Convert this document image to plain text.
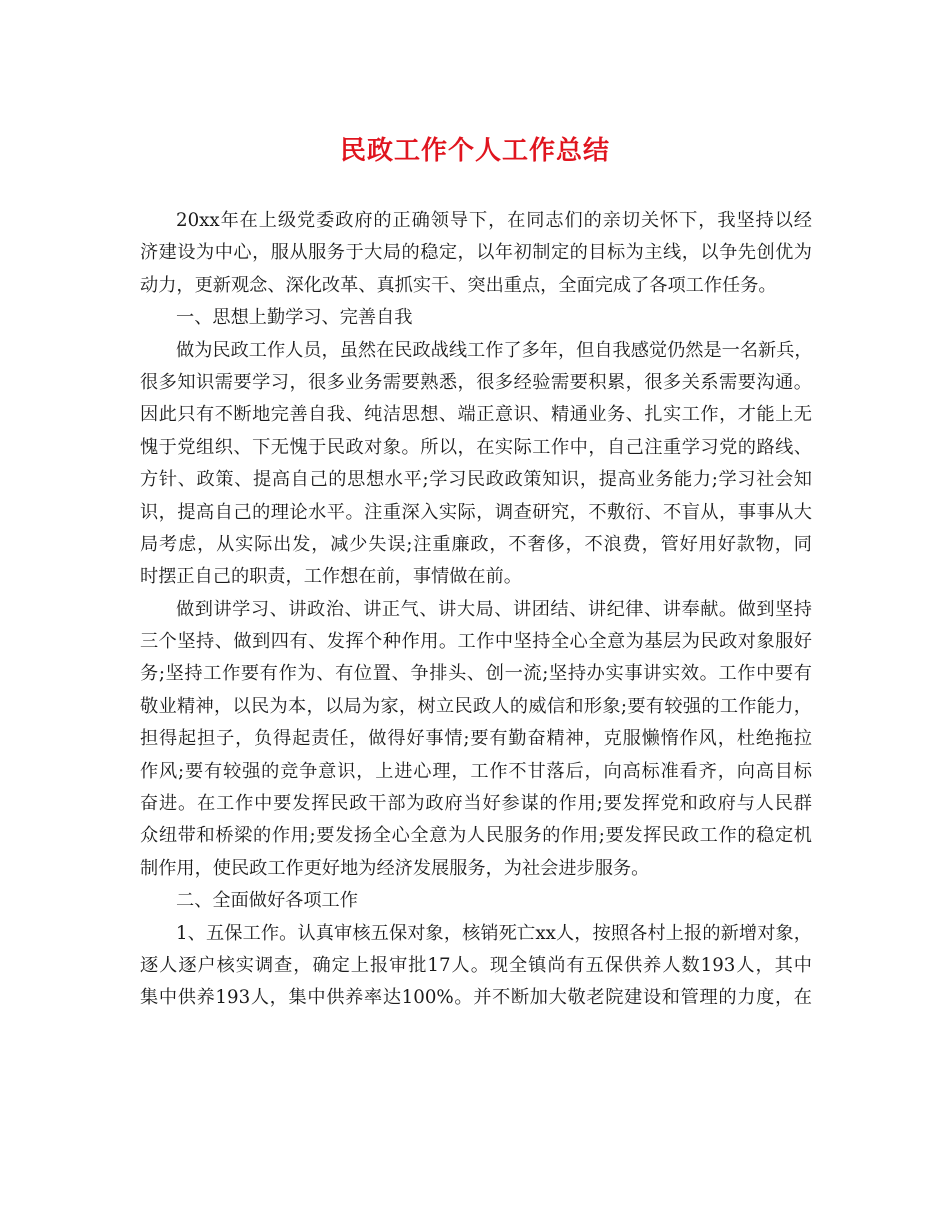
民政工作个人工作总结
20xx年在上级党委政府的正确领导下，在同志们的亲切关怀下，我坚持以经
济建设为中心，服从服务于大局的稳定，以年初制定的目标为主线，以争先创优为
动力，更新观念、深化改革、真抓实干、突出重点，全面完成了各项工作任务。
一、思想上勤学习、完善自我
做为民政工作人员，虽然在民政战线工作了多年，但自我感觉仍然是一名新兵，
很多知识需要学习，很多业务需要熟悉，很多经验需要积累，很多关系需要沟通。
因此只有不断地完善自我、纯洁思想、端正意识、精通业务、扎实工作，才能上无
愧于党组织、下无愧于民政对象。所以，在实际工作中，自己注重学习党的路线、
方针、政策、提高自己的思想水平;学习民政政策知识，提高业务能力;学习社会知
识，提高自己的理论水平。注重深入实际，调查研究，不敷衍、不盲从，事事从大
局考虑，从实际出发，减少失误;注重廉政，不奢侈，不浪费，管好用好款物，同
时摆正自己的职责，工作想在前，事情做在前。
做到讲学习、讲政治、讲正气、讲大局、讲团结、讲纪律、讲奉献。做到坚持
三个坚持、做到四有、发挥个种作用。工作中坚持全心全意为基层为民政对象服好
务;坚持工作要有作为、有位置、争排头、创一流;坚持办实事讲实效。工作中要有
敬业精神，以民为本，以局为家，树立民政人的威信和形象;要有较强的工作能力，
担得起担子，负得起责任，做得好事情;要有勤奋精神，克服懒惰作风，杜绝拖拉
作风;要有较强的竞争意识，上进心理，工作不甘落后，向高标准看齐，向高目标
奋进。在工作中要发挥民政干部为政府当好参谋的作用;要发挥党和政府与人民群
众纽带和桥梁的作用;要发扬全心全意为人民服务的作用;要发挥民政工作的稳定机
制作用，使民政工作更好地为经济发展服务，为社会进步服务。
二、全面做好各项工作
1、五保工作。认真审核五保对象，核销死亡xx人，按照各村上报的新增对象，
逐人逐户核实调查，确定上报审批17人。现全镇尚有五保供养人数193人，其中
集中供养193人，集中供养率达100%。并不断加大敬老院建设和管理的力度，在
